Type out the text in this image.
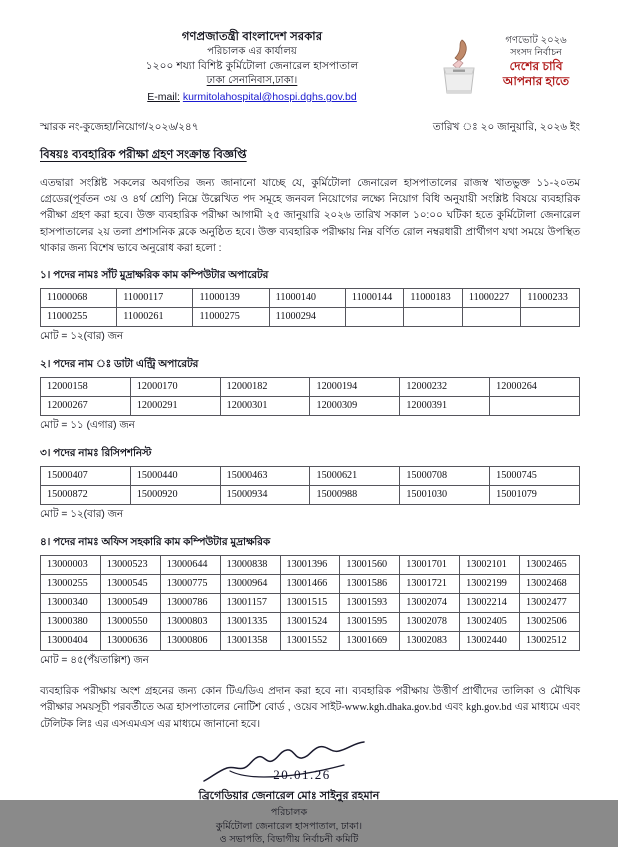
গণপ্রজাতন্ত্রী বাংলাদেশ সরকার
পরিচালক এর কার্যালয়
১২০০ শয্যা বিশিষ্ট কুর্মিটোলা জেনারেল হাসপাতাল
ঢাকা সেনানিবাস,ঢাকা।
E-mail: kurmitolahospital@hospi.dghs.gov.bd
গণভোট ২০২৬
সংসদ নির্বাচন
দেশের চাবি
আপনার হাতে
স্মারক নং-কুজেহা/নিয়োগ/২০২৬/২৪৭	তারিখ ঃ ২০ জানুয়ারি, ২০২৬ ইং
বিষয়ঃ ব্যবহারিক পরীক্ষা গ্রহণ সংক্রান্ত বিজ্ঞপ্তি
এতদ্বারা সংশ্লিষ্ট সকলের অবগতির জন্য জানানো যাচ্ছে যে, কুর্মিটোলা জেনারেল হাসপাতালের রাজস্ব খাতভুক্ত ১১-২০তম গ্রেডের(পূর্বতন ৩য় ও ৪র্থ শ্রেণি) নিম্নে উল্লেখিত পদ সমূহে জনবল নিয়োগের লক্ষ্যে নিয়োগ বিধি অনুযায়ী সংশ্লিষ্ট বিষয়ে ব্যবহারিক পরীক্ষা গ্রহণ করা হবে। উক্ত ব্যবহারিক পরীক্ষা আগামী ২৫ জানুয়ারি ২০২৬ তারিখ সকাল ১০:০০ ঘটিকা হতে কুর্মিটোলা জেনারেল হাসপাতালের ২য় তলা প্রশাসনিক ব্লকে অনুষ্ঠিত হবে। উক্ত ব্যবহারিক পরীক্ষায় নিম্ন বর্ণিত রোল নম্বরধারী প্রার্থীগণ যথা সময়ে উপস্থিত থাকার জন্য বিশেষ ভাবে অনুরোধ করা হলো :
১। পদের নামঃ সাঁট মুদ্রাক্ষরিক কাম কম্পিউটার অপারেটর
11000068	11000117	11000139	11000140	11000144	11000183	11000227	11000233
11000255	11000261	11000275	11000294				
মোট = ১২(বার) জন
২। পদের নাম ঃ ডাটা এন্ট্রি অপারেটর
12000158	12000170	12000182	12000194	12000232	12000264
12000267	12000291	12000301	12000309	12000391	
মোট = ১১ (এগার) জন
৩। পদের নামঃ রিসিপশনিস্ট
15000407	15000440	15000463	15000621	15000708	15000745
15000872	15000920	15000934	15000988	15001030	15001079
মোট = ১২(বার) জন
৪। পদের নামঃ অফিস সহকারি কাম কম্পিউটার মুদ্রাক্ষরিক
13000003	13000523	13000644	13000838	13001396	13001560	13001701	13002101	13002465
13000255	13000545	13000775	13000964	13001466	13001586	13001721	13002199	13002468
13000340	13000549	13000786	13001157	13001515	13001593	13002074	13002214	13002477
13000380	13000550	13000803	13001335	13001524	13001595	13002078	13002405	13002506
13000404	13000636	13000806	13001358	13001552	13001669	13002083	13002440	13002512
মোট = ৪৫(পঁয়তাল্লিশ) জন
ব্যবহারিক পরীক্ষায় অংশ গ্রহনের জন্য কোন টিএ/ডিএ প্রদান করা হবে না। ব্যবহারিক পরীক্ষায় উত্তীর্ণ প্রার্থীদের তালিকা ও মৌখিক পরীক্ষার সময়সূচী পরবর্তীতে অত্র হাসপাতালের নোটিশ বোর্ড , ওয়েব সাইট-www.kgh.dhaka.gov.bd এবং kgh.gov.bd এর মাধ্যমে এবং টেলিটক লিঃ এর এসএমএস এর মাধ্যমে জানানো হবে।
20.01.26
ব্রিগেডিয়ার জেনারেল মোঃ সাইনুর রহমান
পরিচালক
কুর্মিটোলা জেনারেল হাসপাতাল, ঢাকা।
ও সভাপতি, বিভাগীয় নির্বাচনী কমিটি
